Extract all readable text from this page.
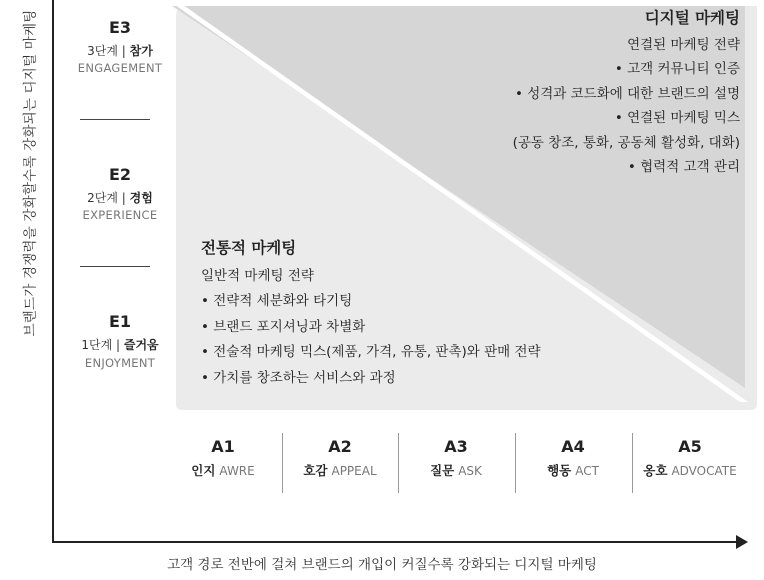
브랜드가 경쟁력을 강화할수록 강화되는 디지털 마케팅	E3
3단계 | 참가
ENGAGEMENT
E2
2단계 | 경험
EXPERIENCE
E1
1단계 | 즐거움
ENJOYMENT
디지털 마케팅
연결된 마케팅 전략
• 고객 커뮤니티 인증
• 성격과 코드화에 대한 브랜드의 설명
• 연결된 마케팅 믹스
(공동 창조, 통화, 공동체 활성화, 대화)
• 협력적 고객 관리
전통적 마케팅
일반적 마케팅 전략
• 전략적 세분화와 타기팅
• 브랜드 포지셔닝과 차별화
• 전술적 마케팅 믹스(제품, 가격, 유통, 판촉)와 판매 전략
• 가치를 창조하는 서비스와 과정
A1
인지 AWRE
A2
호감 APPEAL
A3
질문 ASK
A4
행동 ACT
A5
옹호 ADVOCATE
고객 경로 전반에 걸쳐 브랜드의 개입이 커질수록 강화되는 디지털 마케팅
